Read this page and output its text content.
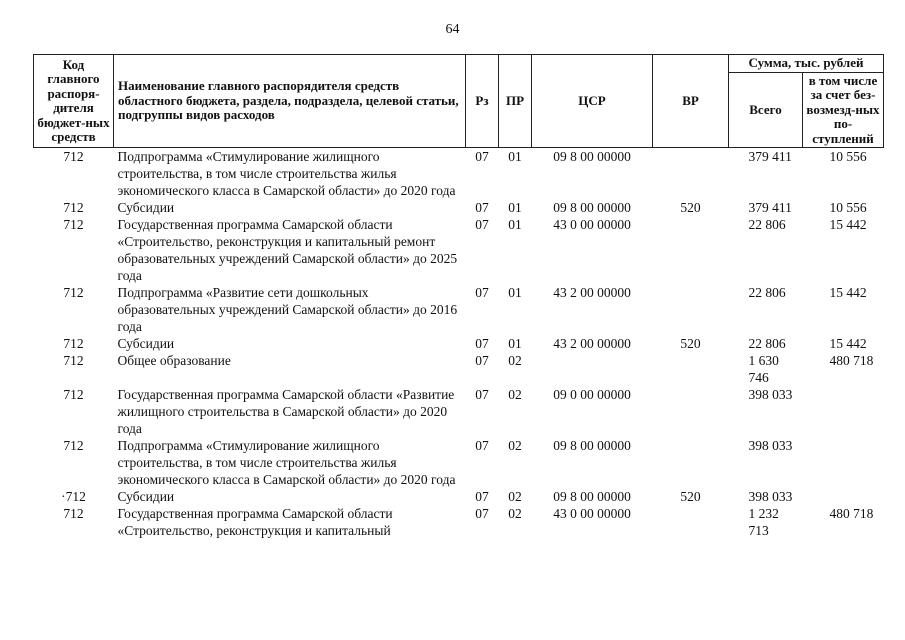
64
Код главного распоря-дителя бюджет-ных средств	Наименование главного распорядителя средств областного бюджета, раздела, подраздела, целевой статьи, подгруппы видов расходов	Рз	ПР	ЦСР	ВР	Сумма, тыс. рублей	
						Всего	в том числе за счет без-возмезд-ных по-ступлений
712	Подпрограмма «Стимулирование жилищного строительства, в том числе строительства жилья экономического класса в Самарской области» до 2020 года	07	01	09 8 00 00000		379 411	10 556
712	Субсидии	07	01	09 8 00 00000	520	379 411	10 556
712	Государственная программа Самарской области «Строительство, реконструкция и капитальный ремонт образовательных учреждений Самарской области» до 2025 года	07	01	43 0 00 00000		22 806	15 442
712	Подпрограмма «Развитие сети дошкольных образовательных учреждений Самарской области» до 2016 года	07	01	43 2 00 00000		22 806	15 442
712	Субсидии	07	01	43 2 00 00000	520	22 806	15 442
712	Общее образование	07	02			1 630 746	480 718
712	Государственная программа Самарской области «Развитие жилищного строительства в Самарской области» до 2020 года	07	02	09 0 00 00000		398 033	
712	Подпрограмма «Стимулирование жилищного строительства, в том числе строительства жилья экономического класса в Самарской области» до 2020 года	07	02	09 8 00 00000		398 033	
·712	Субсидии	07	02	09 8 00 00000	520	398 033	
712	Государственная программа Самарской области «Строительство, реконструкция и капитальный	07	02	43 0 00 00000		1 232 713	480 718
